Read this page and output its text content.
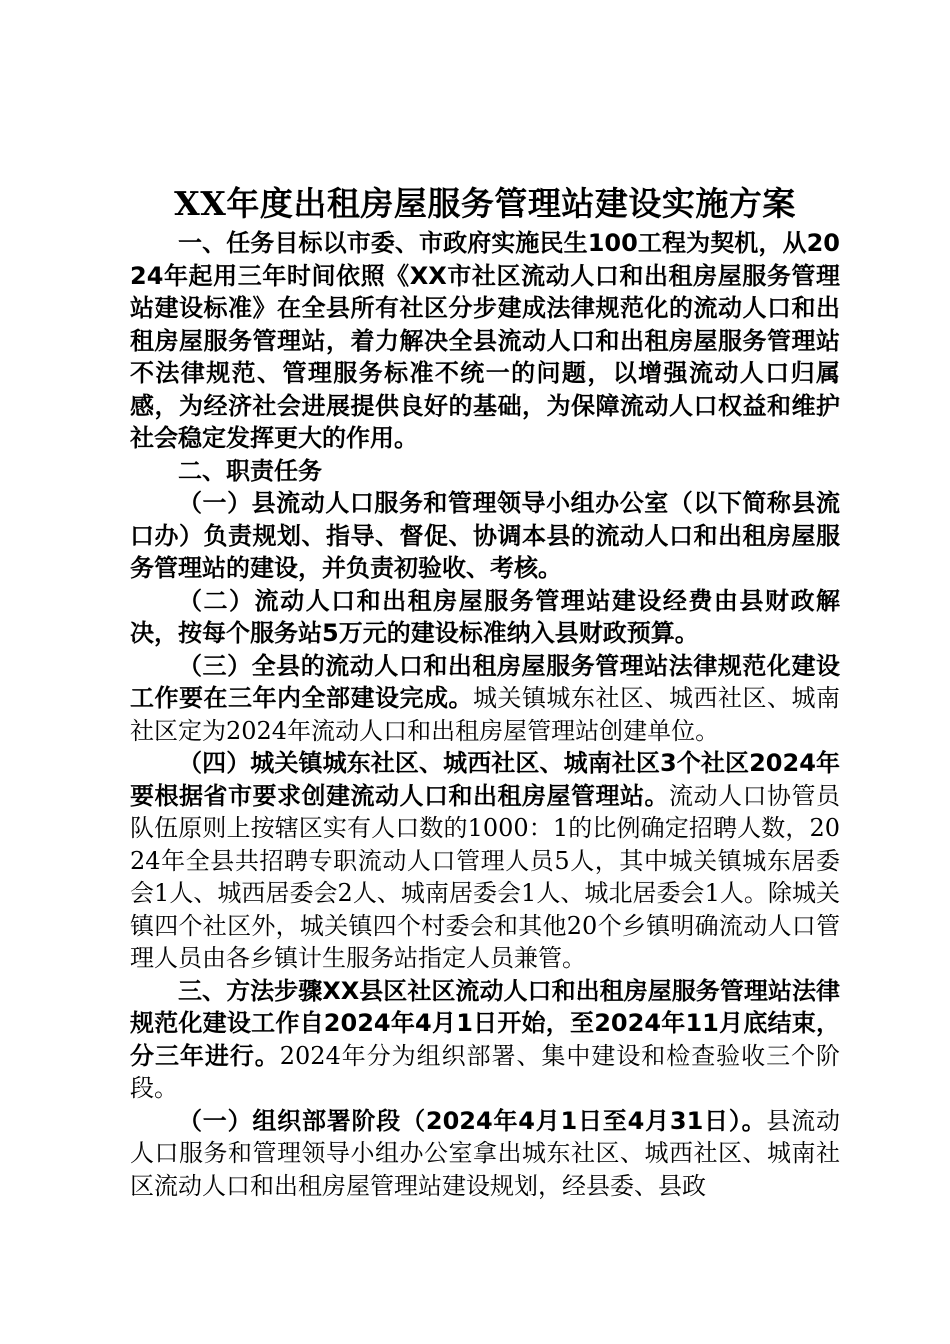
XX年度出租房屋服务管理站建设实施方案

一、任务目标以市委、市政府实施民生100工程为契机，从2024年起用三年时间依照《XX市社区流动人口和出租房屋服务管理站建设标准》在全县所有社区分步建成法律规范化的流动人口和出租房屋服务管理站，着力解决全县流动人口和出租房屋服务管理站不法律规范、管理服务标准不统一的问题，以增强流动人口归属感，为经济社会进展提供良好的基础，为保障流动人口权益和维护社会稳定发挥更大的作用。

二、职责任务

（一）县流动人口服务和管理领导小组办公室（以下简称县流口办）负责规划、指导、督促、协调本县的流动人口和出租房屋服务管理站的建设，并负责初验收、考核。

（二）流动人口和出租房屋服务管理站建设经费由县财政解决，按每个服务站5万元的建设标准纳入县财政预算。

（三）全县的流动人口和出租房屋服务管理站法律规范化建设工作要在三年内全部建设完成。城关镇城东社区、城西社区、城南社区定为2024年流动人口和出租房屋管理站创建单位。

（四）城关镇城东社区、城西社区、城南社区3个社区2024年要根据省市要求创建流动人口和出租房屋管理站。流动人口协管员队伍原则上按辖区实有人口数的1000：1的比例确定招聘人数，2024年全县共招聘专职流动人口管理人员5人，其中城关镇城东居委会1人、城西居委会2人、城南居委会1人、城北居委会1人。除城关镇四个社区外，城关镇四个村委会和其他20个乡镇明确流动人口管理人员由各乡镇计生服务站指定人员兼管。

三、方法步骤XX县区社区流动人口和出租房屋服务管理站法律规范化建设工作自2024年4月1日开始，至2024年11月底结束，分三年进行。2024年分为组织部署、集中建设和检查验收三个阶段。

（一）组织部署阶段（2024年4月1日至4月31日）。县流动人口服务和管理领导小组办公室拿出城东社区、城西社区、城南社区流动人口和出租房屋管理站建设规划，经县委、县政
